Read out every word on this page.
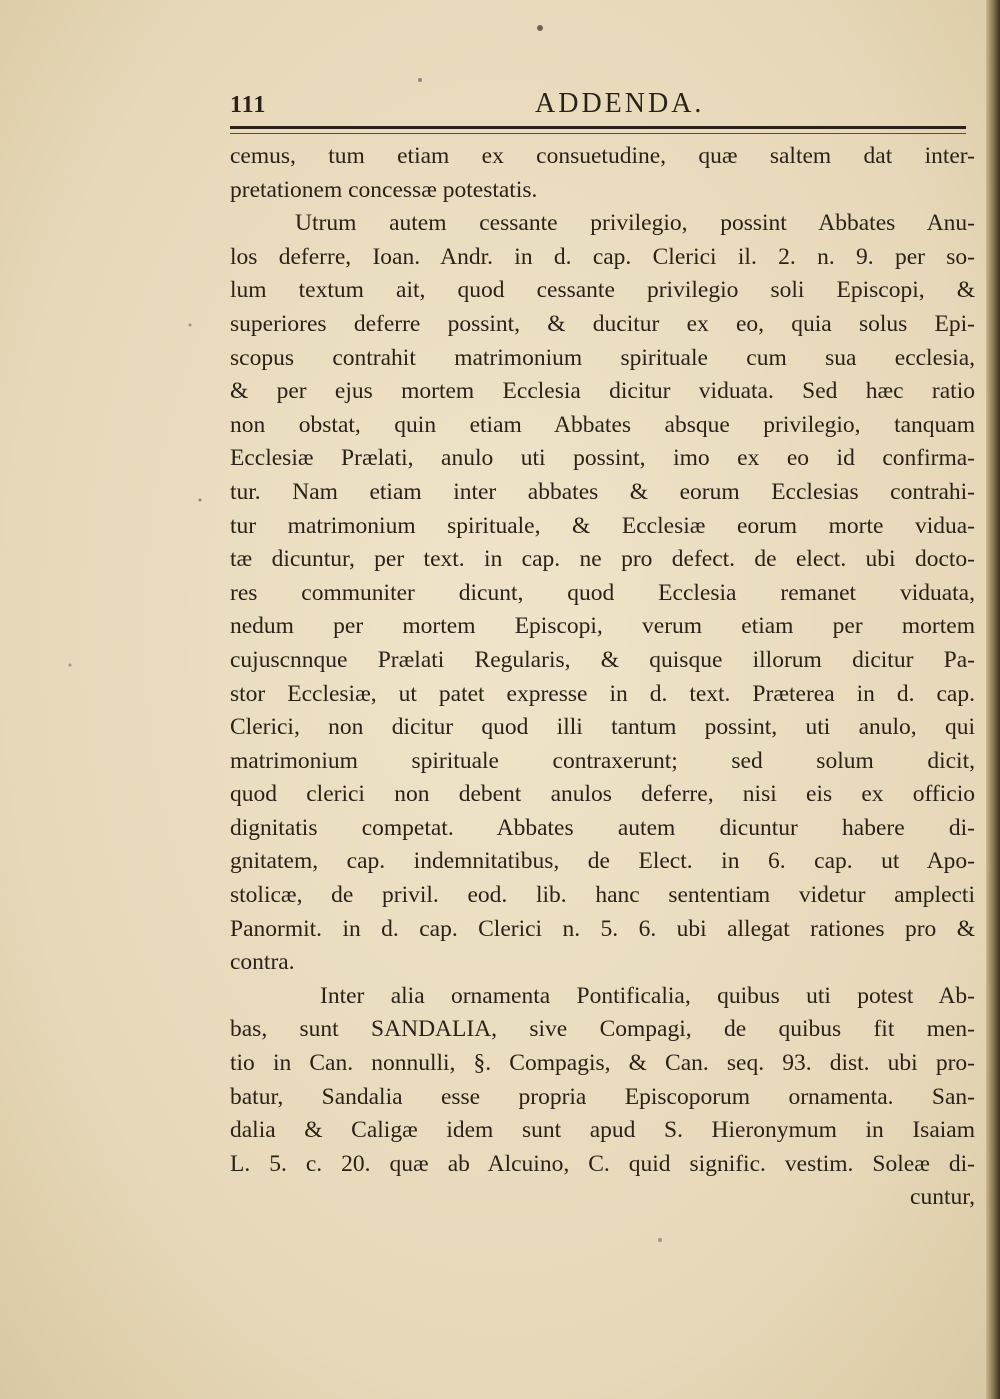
111	ADDENDA.
cemus, tum etiam ex consuetudine, quæ saltem dat inter-
pretationem concessæ potestatis.
Utrum autem cessante privilegio, possint Abbates Anu-
los deferre, Ioan. Andr. in d. cap. Clerici il. 2. n. 9. per so-
lum textum ait, quod cessante privilegio soli Episcopi, &
superiores deferre possint, & ducitur ex eo, quia solus Epi-
scopus contrahit matrimonium spirituale cum sua ecclesia,
& per ejus mortem Ecclesia dicitur viduata. Sed hæc ratio
non obstat, quin etiam Abbates absque privilegio, tanquam
Ecclesiæ Prælati, anulo uti possint, imo ex eo id confirma-
tur. Nam etiam inter abbates & eorum Ecclesias contrahi-
tur matrimonium spirituale, & Ecclesiæ eorum morte vidua-
tæ dicuntur, per text. in cap. ne pro defect. de elect. ubi docto-
res communiter dicunt, quod Ecclesia remanet viduata,
nedum per mortem Episcopi, verum etiam per mortem
cujuscnnque Prælati Regularis, & quisque illorum dicitur Pa-
stor Ecclesiæ, ut patet expresse in d. text. Præterea in d. cap.
Clerici, non dicitur quod illi tantum possint, uti anulo, qui
matrimonium spirituale contraxerunt; sed solum dicit,
quod clerici non debent anulos deferre, nisi eis ex officio
dignitatis competat. Abbates autem dicuntur habere di-
gnitatem, cap. indemnitatibus, de Elect. in 6. cap. ut Apo-
stolicæ, de privil. eod. lib. hanc sententiam videtur amplecti
Panormit. in d. cap. Clerici n. 5. 6. ubi allegat rationes pro &
contra.
Inter alia ornamenta Pontificalia, quibus uti potest Ab-
bas, sunt SANDALIA, sive Compagi, de quibus fit men-
tio in Can. nonnulli, §. Compagis, & Can. seq. 93. dist. ubi pro-
batur, Sandalia esse propria Episcoporum ornamenta. San-
dalia & Caligæ idem sunt apud S. Hieronymum in Isaiam
L. 5. c. 20. quæ ab Alcuino, C. quid signific. vestim. Soleæ di-
cuntur,
